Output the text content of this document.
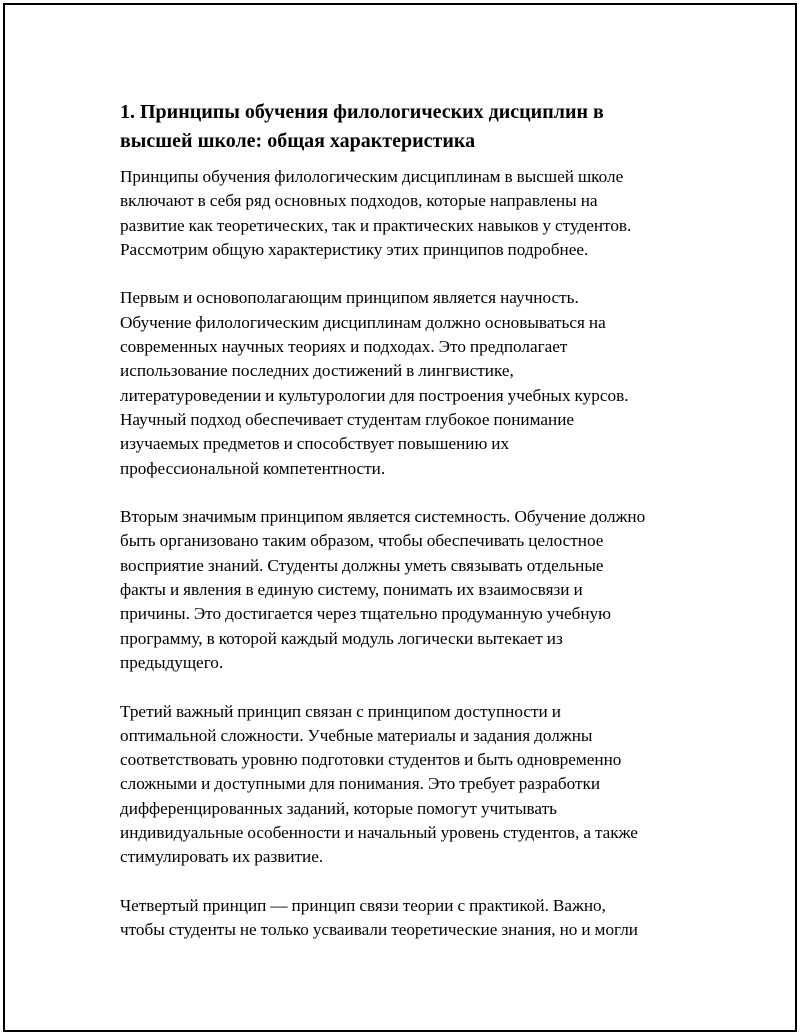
1. Принципы обучения филологических дисциплин в
высшей школе: общая характеристика

Принципы обучения филологическим дисциплинам в высшей школе
включают в себя ряд основных подходов, которые направлены на
развитие как теоретических, так и практических навыков у студентов.
Рассмотрим общую характеристику этих принципов подробнее.

Первым и основополагающим принципом является научность.
Обучение филологическим дисциплинам должно основываться на
современных научных теориях и подходах. Это предполагает
использование последних достижений в лингвистике,
литературоведении и культурологии для построения учебных курсов.
Научный подход обеспечивает студентам глубокое понимание
изучаемых предметов и способствует повышению их
профессиональной компетентности.

Вторым значимым принципом является системность. Обучение должно
быть организовано таким образом, чтобы обеспечивать целостное
восприятие знаний. Студенты должны уметь связывать отдельные
факты и явления в единую систему, понимать их взаимосвязи и
причины. Это достигается через тщательно продуманную учебную
программу, в которой каждый модуль логически вытекает из
предыдущего.

Третий важный принцип связан с принципом доступности и
оптимальной сложности. Учебные материалы и задания должны
соответствовать уровню подготовки студентов и быть одновременно
сложными и доступными для понимания. Это требует разработки
дифференцированных заданий, которые помогут учитывать
индивидуальные особенности и начальный уровень студентов, а также
стимулировать их развитие.

Четвертый принцип — принцип связи теории с практикой. Важно,
чтобы студенты не только усваивали теоретические знания, но и могли
